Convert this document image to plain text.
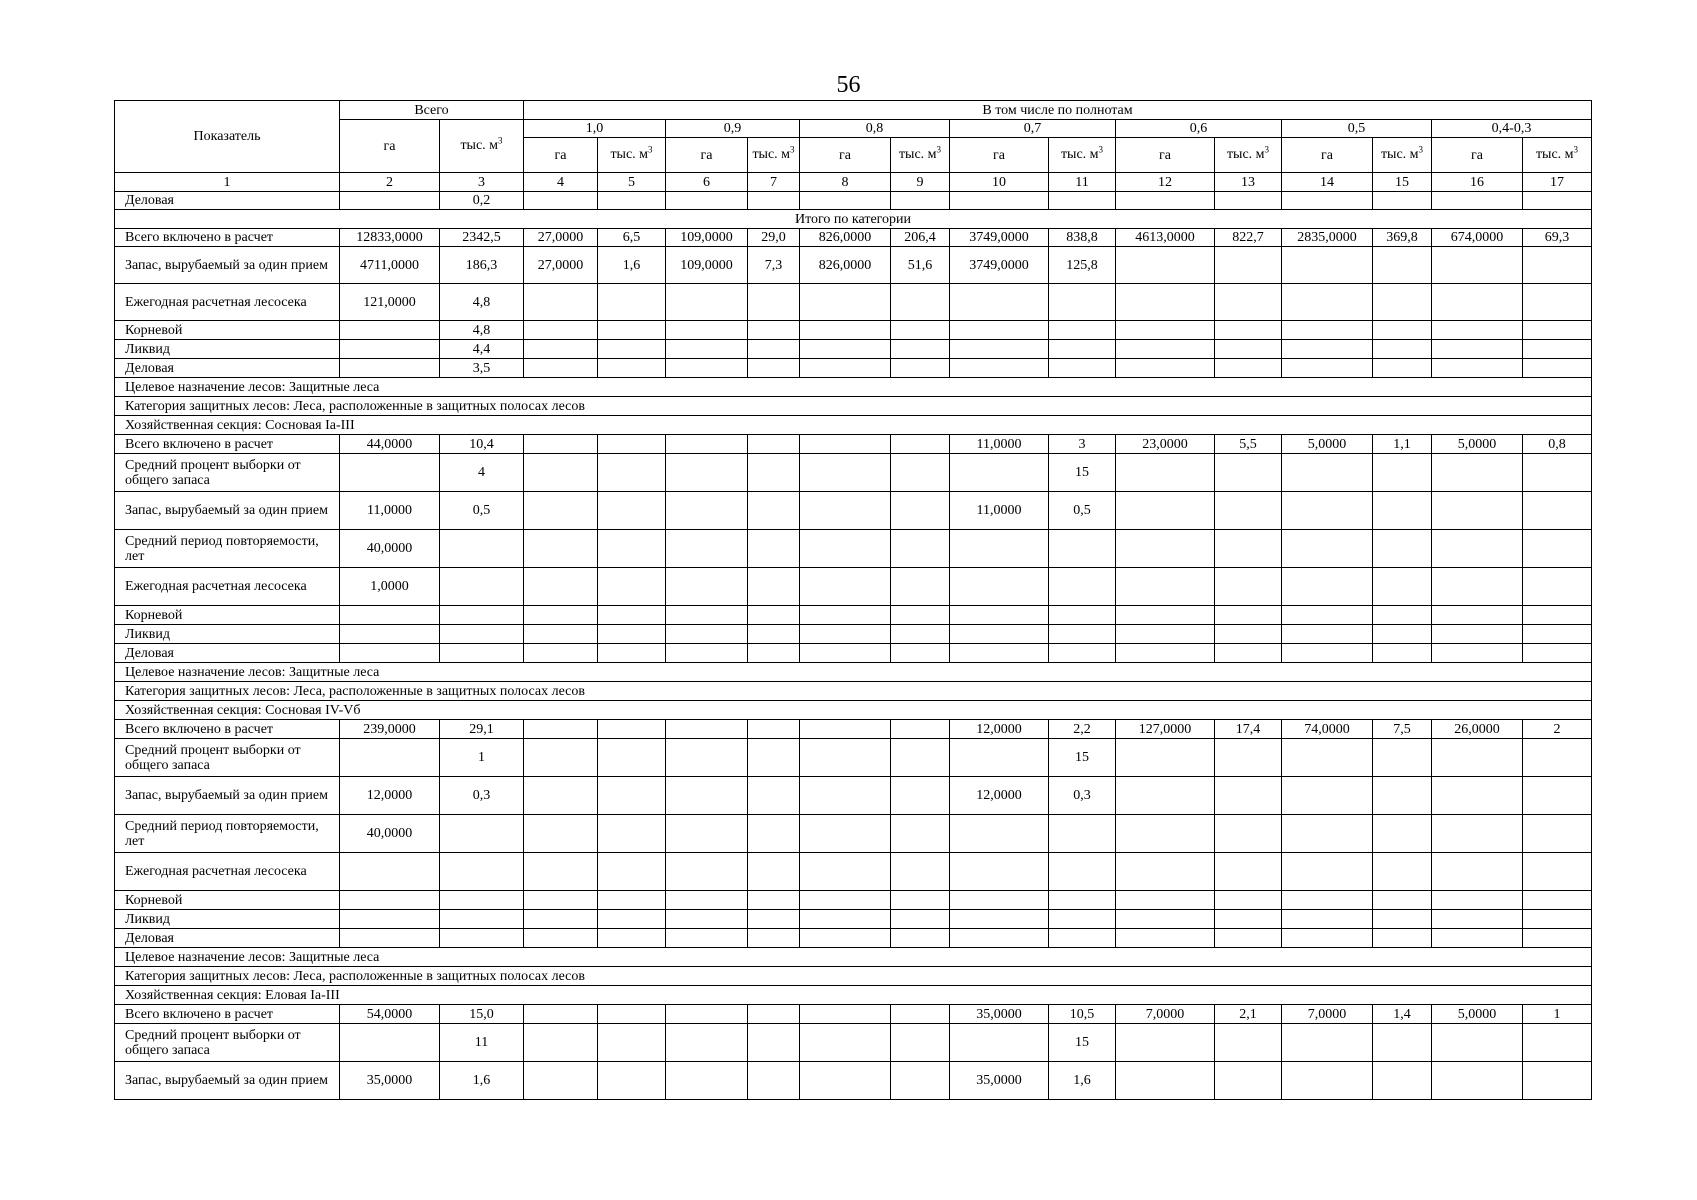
56
Показатель	Всего		В том числе по полнотам													
	га	тыс. $м^3$	1,0		0,9		0,8		0,7		0,6		0,5		0,4-0,3	
			га	тыс. $м^3$	га	тыс. $м^3$	га	тыс. $м^3$	га	тыс. $м^3$	га	тыс. $м^3$	га	тыс. $м^3$	га	тыс. $м^3$
1	2	3	4	5	6	7	8	9	10	11	12	13	14	15	16	17
Деловая		0,2														
Итого по категории																
Всего включено в расчет	12833,0000	2342,5	27,0000	6,5	109,0000	29,0	826,0000	206,4	3749,0000	838,8	4613,0000	822,7	2835,0000	369,8	674,0000	69,3
Запас, вырубаемый за один прием	4711,0000	186,3	27,0000	1,6	109,0000	7,3	826,0000	51,6	3749,0000	125,8						
Ежегодная расчетная лесосека	121,0000	4,8														
Корневой		4,8														
Ликвид		4,4														
Деловая		3,5														
Целевое назначение лесов: Защитные леса																
Категория защитных лесов: Леса, расположенные в защитных полосах лесов																
Хозяйственная секция: Сосновая Ia-III																
Всего включено в расчет	44,0000	10,4							11,0000	3	23,0000	5,5	5,0000	1,1	5,0000	0,8
Средний процент выборки от общего запаса		4								15						
Запас, вырубаемый за один прием	11,0000	0,5							11,0000	0,5						
Средний период повторяемости, лет	40,0000															
Ежегодная расчетная лесосека	1,0000															
Корневой																
Ликвид																
Деловая																
Целевое назначение лесов: Защитные леса																
Категория защитных лесов: Леса, расположенные в защитных полосах лесов																
Хозяйственная секция: Сосновая IV-Vб																
Всего включено в расчет	239,0000	29,1							12,0000	2,2	127,0000	17,4	74,0000	7,5	26,0000	2
Средний процент выборки от общего запаса		1								15						
Запас, вырубаемый за один прием	12,0000	0,3							12,0000	0,3						
Средний период повторяемости, лет	40,0000															
Ежегодная расчетная лесосека																
Корневой																
Ликвид																
Деловая																
Целевое назначение лесов: Защитные леса																
Категория защитных лесов: Леса, расположенные в защитных полосах лесов																
Хозяйственная секция: Еловая Ia-III																
Всего включено в расчет	54,0000	15,0							35,0000	10,5	7,0000	2,1	7,0000	1,4	5,0000	1
Средний процент выборки от общего запаса		11								15						
Запас, вырубаемый за один прием	35,0000	1,6							35,0000	1,6						
